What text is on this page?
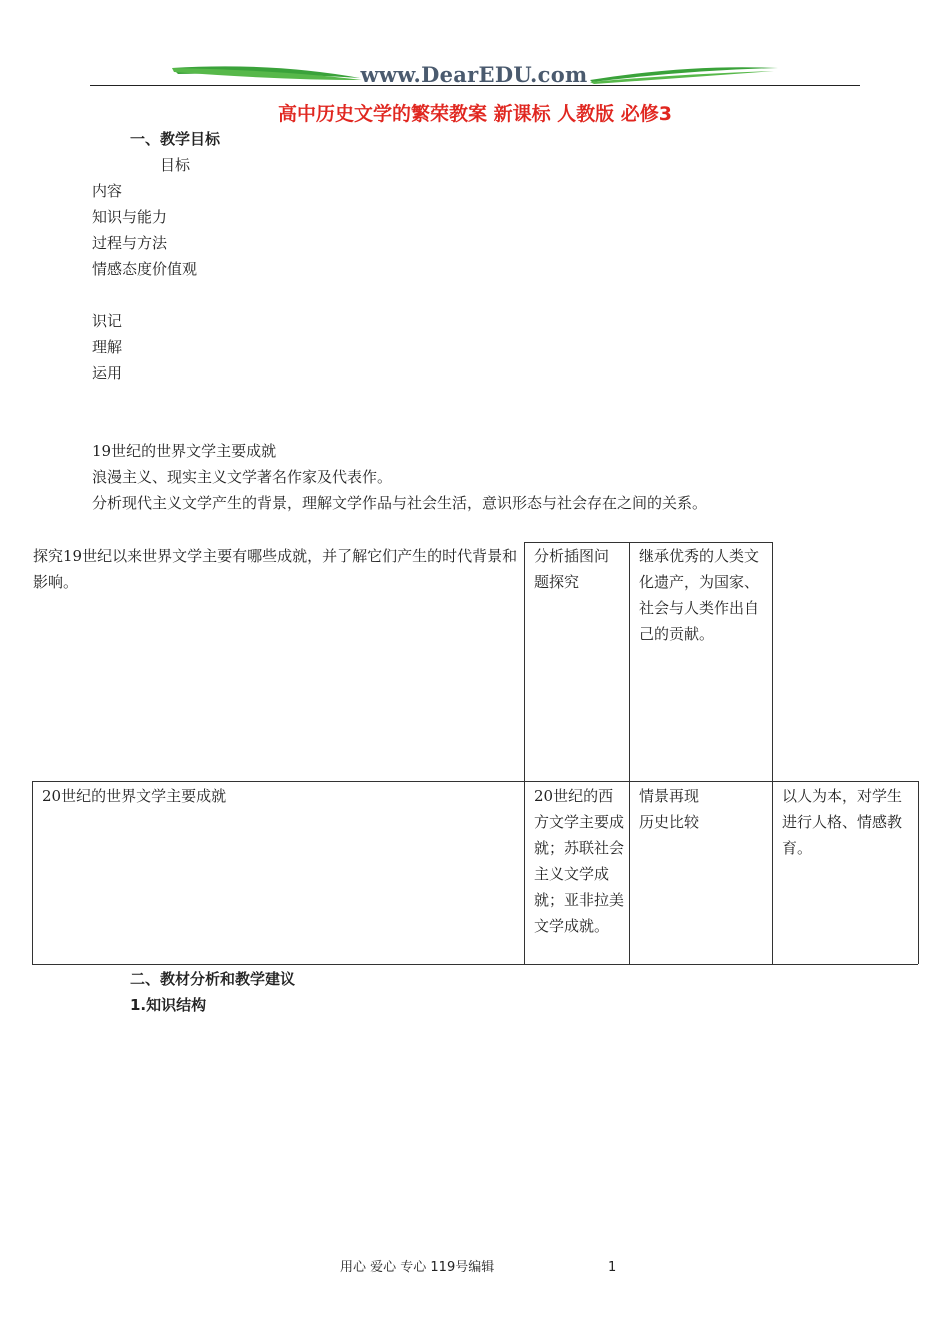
www.DearEDU.com
高中历史文学的繁荣教案 新课标 人教版 必修3
一、教学目标
目标
内容
知识与能力
过程与方法
情感态度价值观
识记
理解
运用
19世纪的世界文学主要成就
浪漫主义、现实主义文学著名作家及代表作。
分析现代主义文学产生的背景，理解文学作品与社会生活，意识形态与社会存在之间的关系。
探究19世纪以来世界文学主要有哪些成就，并了解它们产生的时代背景和影响。
分析插图问题探究
继承优秀的人类文化遗产，为国家、社会与人类作出自己的贡献。
20世纪的世界文学主要成就	20世纪的西方文学主要成就；苏联社会主义文学成就；亚非拉美文学成就。
情景再现
历史比较
以人为本，对学生进行人格、情感教育。
二、教材分析和教学建议
1.知识结构
用心 爱心 专心 119号编辑	1
